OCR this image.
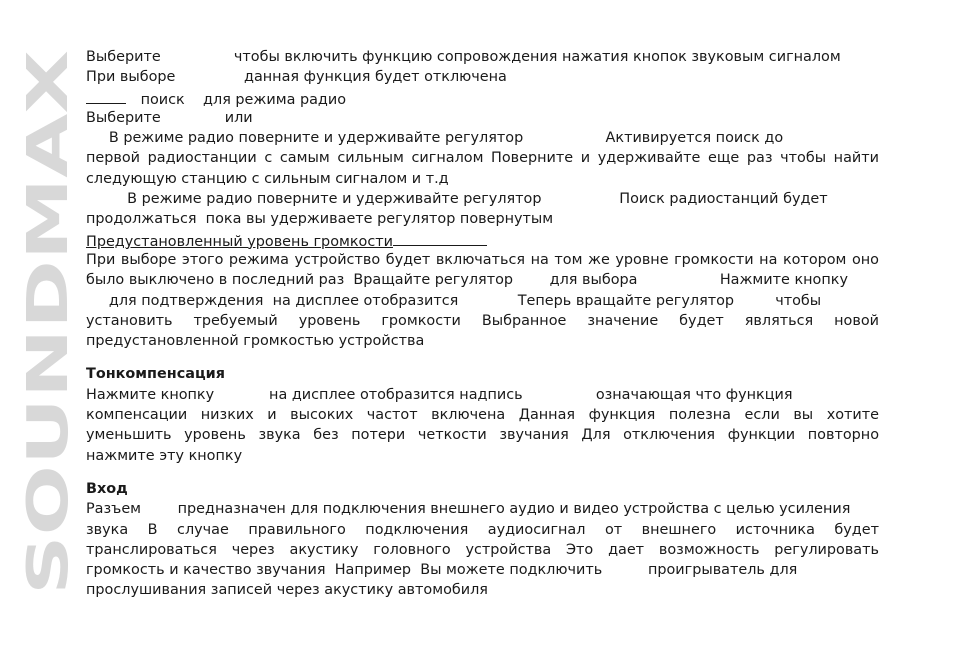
SOUNDMAX
Выберите                чтобы включить функцию сопровождения нажатия кнопок звуковым сигналом
При выборе               данная функция будет отключена
поиск    для режима радио
Выберите              или
В режиме радио поверните и удерживайте регулятор                  Активируется поиск до
первой радиостанции с самым сильным сигналом Поверните и удерживайте еще раз чтобы найти
следующую станцию с сильным сигналом и т.д
В режиме радио поверните и удерживайте регулятор                 Поиск радиостанций будет
продолжаться  пока вы удерживаете регулятор повернутым
Предустановленный уровень громкости
При выборе этого режима устройство будет включаться на том же уровне громкости на котором оно
было выключено в последний раз  Вращайте регулятор        для выбора                  Нажмите кнопку
для подтверждения  на дисплее отобразится             Теперь вращайте регулятор         чтобы
установить требуемый уровень громкости Выбранное значение будет являться новой
предустановленной громкостью устройства
Тонкомпенсация
Нажмите кнопку            на дисплее отобразится надпись                означающая что функция
компенсации низких и высоких частот включена Данная функция полезна если вы хотите
уменьшить уровень звука без потери четкости звучания Для отключения функции повторно
нажмите эту кнопку
Вход
Разъем        предназначен для подключения внешнего аудио и видео устройства с целью усиления
звука В случае правильного подключения аудиосигнал от внешнего источника будет
транслироваться через акустику головного устройства Это дает возможность регулировать
громкость и качество звучания  Например  Вы можете подключить          проигрыватель для
прослушивания записей через акустику автомобиля
